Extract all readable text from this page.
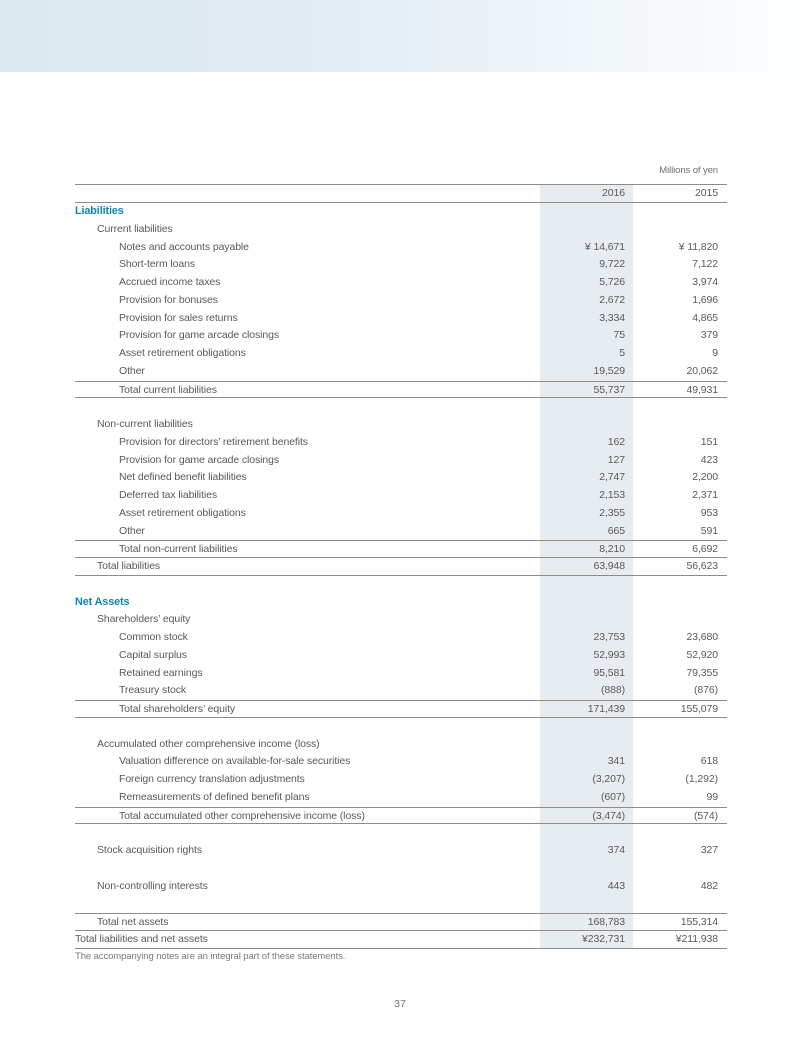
Millions of yen
2016	2015
Liabilities
Current liabilities
Notes and accounts payable	¥ 14,671	¥ 11,820
Short-term loans	9,722	7,122
Accrued income taxes	5,726	3,974
Provision for bonuses	2,672	1,696
Provision for sales returns	3,334	4,865
Provision for game arcade closings	75	379
Asset retirement obligations	5	9
Other	19,529	20,062
Total current liabilities	55,737	49,931
Non-current liabilities
Provision for directors’ retirement benefits	162	151
Provision for game arcade closings	127	423
Net defined benefit liabilities	2,747	2,200
Deferred tax liabilities	2,153	2,371
Asset retirement obligations	2,355	953
Other	665	591
Total non-current liabilities	8,210	6,692
Total liabilities	63,948	56,623
Net Assets
Shareholders’ equity
Common stock	23,753	23,680
Capital surplus	52,993	52,920
Retained earnings	95,581	79,355
Treasury stock	(888)	(876)
Total shareholders’ equity	171,439	155,079
Accumulated other comprehensive income (loss)
Valuation difference on available-for-sale securities	341	618
Foreign currency translation adjustments	(3,207)	(1,292)
Remeasurements of defined benefit plans	(607)	99
Total accumulated other comprehensive income (loss)	(3,474)	(574)
Stock acquisition rights	374	327
Non-controlling interests	443	482
Total net assets	168,783	155,314
Total liabilities and net assets	¥232,731	¥211,938
The accompanying notes are an integral part of these statements.
37
